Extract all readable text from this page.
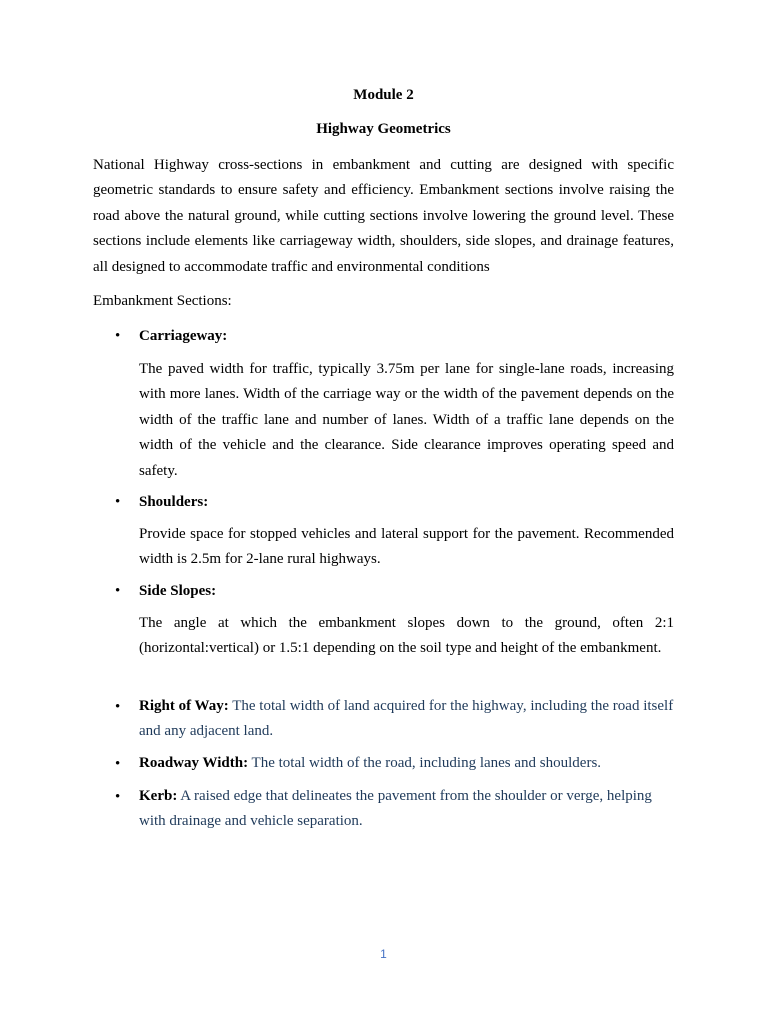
Module 2

Highway Geometrics

National Highway cross-sections in embankment and cutting are designed with specific geometric standards to ensure safety and efficiency. Embankment sections involve raising the road above the natural ground, while cutting sections involve lowering the ground level. These sections include elements like carriageway width, shoulders, side slopes, and drainage features, all designed to accommodate traffic and environmental conditions

Embankment Sections:

• Carriageway:

The paved width for traffic, typically 3.75m per lane for single-lane roads, increasing with more lanes. Width of the carriage way or the width of the pavement depends on the width of the traffic lane and number of lanes. Width of a traffic lane depends on the width of the vehicle and the clearance. Side clearance improves operating speed and safety.

• Shoulders:

Provide space for stopped vehicles and lateral support for the pavement. Recommended width is 2.5m for 2-lane rural highways.

• Side Slopes:

The angle at which the embankment slopes down to the ground, often 2:1 (horizontal:vertical) or 1.5:1 depending on the soil type and height of the embankment.

• Right of Way: The total width of land acquired for the highway, including the road itself and any adjacent land.

• Roadway Width: The total width of the road, including lanes and shoulders.

• Kerb: A raised edge that delineates the pavement from the shoulder or verge, helping with drainage and vehicle separation.

1
